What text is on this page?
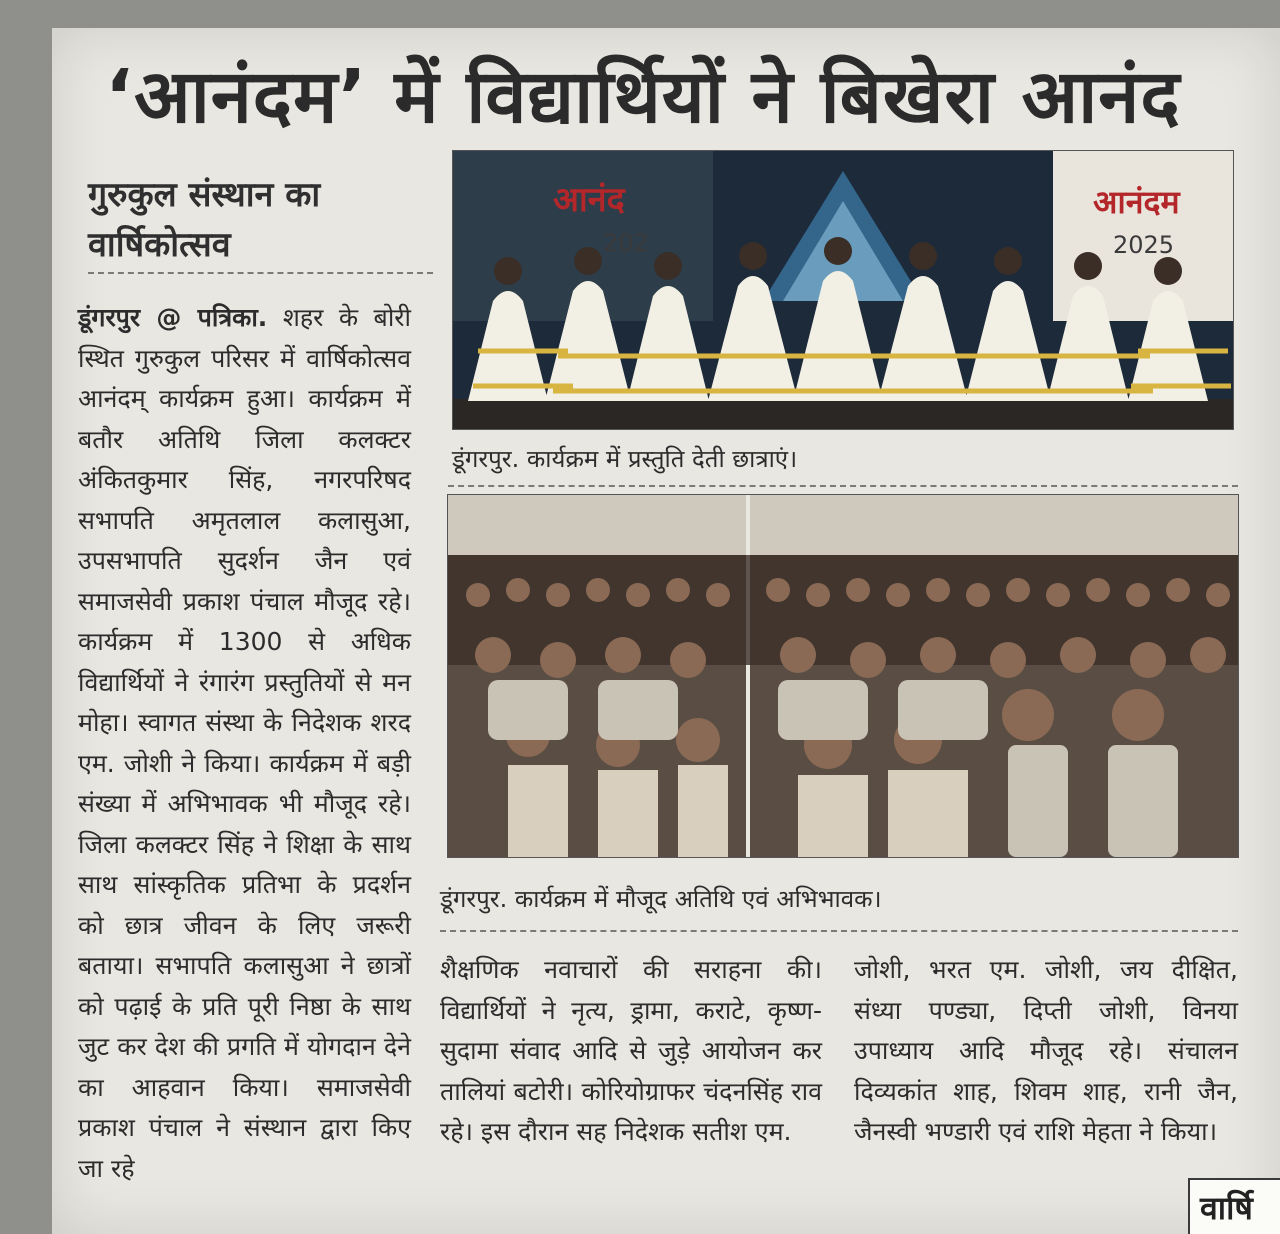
‘आनंदम’ में विद्यार्थियों ने बिखेरा आनंद
गुरुकुल संस्थान का वार्षिकोत्सव
डूंगरपुर @ पत्रिका. शहर के बोरी स्थित गुरुकुल परिसर में वार्षिकोत्सव आनंदम्‌ कार्यक्रम हुआ। कार्यक्रम में बतौर अतिथि जिला कलक्टर अंकितकुमार सिंह, नगरपरिषद सभापति अमृतलाल कलासुआ, उपसभापति सुदर्शन जैन एवं समाजसेवी प्रकाश पंचाल मौजूद रहे। कार्यक्रम में 1300 से अधिक विद्यार्थियों ने रंगारंग प्रस्तुतियों से मन मोहा। स्वागत संस्था के निदेशक शरद एम. जोशी ने किया। कार्यक्रम में बड़ी संख्या में अभिभावक भी मौजूद रहे। जिला कलक्टर सिंह ने शिक्षा के साथ साथ सांस्कृतिक प्रतिभा के प्रदर्शन को छात्र जीवन के लिए जरूरी बताया। सभापति कलासुआ ने छात्रों को पढ़ाई के प्रति पूरी निष्ठा के साथ जुट कर देश की प्रगति में योगदान देने का आहवान किया। समाजसेवी प्रकाश पंचाल ने संस्थान द्वारा किए जा रहे
आनंद
202
आनंदम
2025
डूंगरपुर. कार्यक्रम में प्रस्तुति देती छात्राएं।
डूंगरपुर. कार्यक्रम में मौजूद अतिथि एवं अभिभावक।
शैक्षणिक नवाचारों की सराहना की। विद्यार्थियों ने नृत्य, ड्रामा, कराटे, कृष्ण-सुदामा संवाद आदि से जुड़े आयोजन कर तालियां बटोरी। कोरियोग्राफर चंदनसिंह राव रहे। इस दौरान सह निदेशक सतीश एम.
जोशी, भरत एम. जोशी, जय दीक्षित, संध्या पण्ड्या, दिप्ती जोशी, विनया उपाध्याय आदि मौजूद रहे। संचालन दिव्यकांत शाह, शिवम शाह, रानी जैन, जैनस्वी भण्डारी एवं राशि मेहता ने किया।
वार्षि
